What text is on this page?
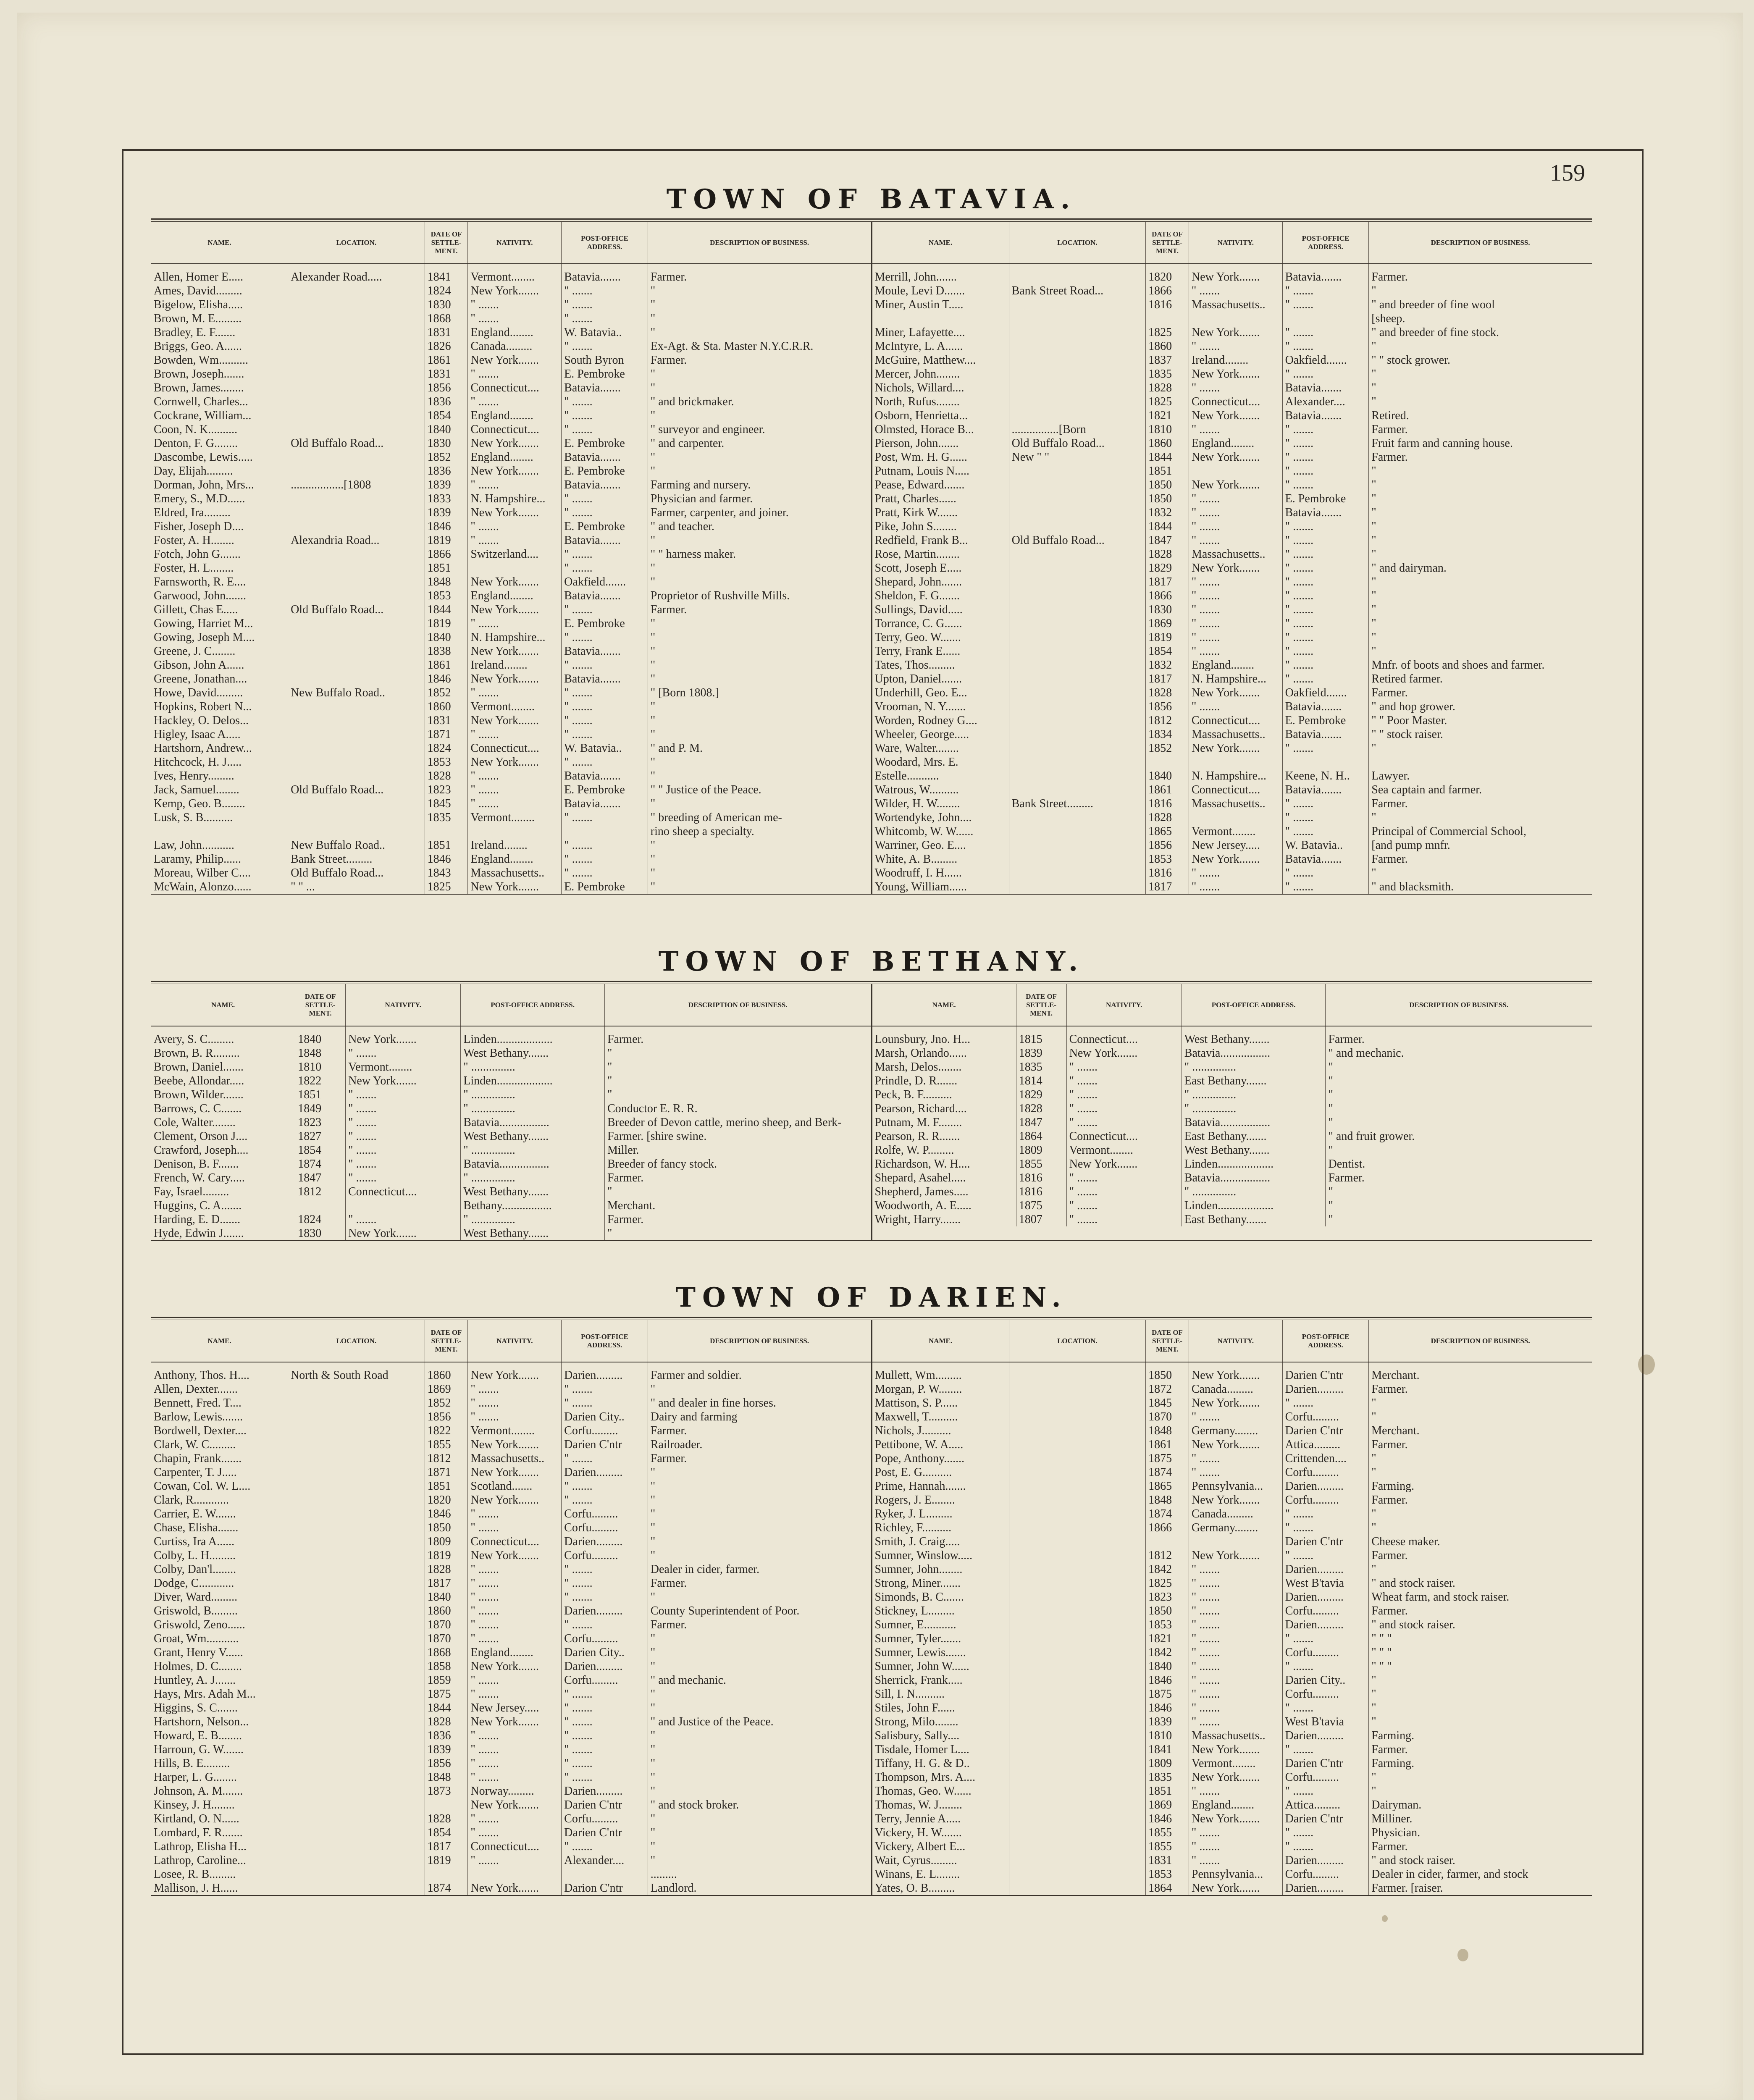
159
TOWN OF BATAVIA.
NAME.	LOCATION.	DATE OF SETTLE-MENT.	NATIVITY.	POST-OFFICE ADDRESS.	DESCRIPTION OF BUSINESS.
Allen, Homer E.....	Alexander Road.....	1841	Vermont........	Batavia.......	Farmer.
Ames, David.........		1824	New York.......	" .......	"
Bigelow, Elisha.....		1830	" .......	" .......	"
Brown, M. E.........		1868	" .......	" .......	"
Bradley, E. F.......		1831	England........	W. Batavia..	"
Briggs, Geo. A......		1826	Canada.........	" .......	Ex-Agt. & Sta. Master N.Y.C.R.R.
Bowden, Wm..........		1861	New York.......	South Byron	Farmer.
Brown, Joseph.......		1831	" .......	E. Pembroke	"
Brown, James........		1856	Connecticut....	Batavia.......	"
Cornwell, Charles...		1836	" .......	" .......	" and brickmaker.
Cockrane, William...		1854	England........	" .......	"
Coon, N. K..........		1840	Connecticut....	" .......	" surveyor and engineer.
Denton, F. G........	Old Buffalo Road...	1830	New York.......	E. Pembroke	" and carpenter.
Dascombe, Lewis.....		1852	England........	Batavia.......	"
Day, Elijah.........		1836	New York.......	E. Pembroke	"
Dorman, John, Mrs...	..................[1808	1839	" .......	Batavia.......	Farming and nursery.
Emery, S., M.D......		1833	N. Hampshire...	" .......	Physician and farmer.
Eldred, Ira.........		1839	New York.......	" .......	Farmer, carpenter, and joiner.
Fisher, Joseph D....		1846	" .......	E. Pembroke	" and teacher.
Foster, A. H........	Alexandria Road...	1819	" .......	Batavia.......	"
Fotch, John G.......		1866	Switzerland....	" .......	" " harness maker.
Foster, H. L........		1851		" .......	"
Farnsworth, R. E....		1848	New York.......	Oakfield.......	"
Garwood, John.......		1853	England........	Batavia.......	Proprietor of Rushville Mills.
Gillett, Chas E.....	Old Buffalo Road...	1844	New York.......	" .......	Farmer.
Gowing, Harriet M...		1819	" .......	E. Pembroke	"
Gowing, Joseph M....		1840	N. Hampshire...	" .......	"
Greene, J. C........		1838	New York.......	Batavia.......	"
Gibson, John A......		1861	Ireland........	" .......	"
Greene, Jonathan....		1846	New York.......	Batavia.......	"
Howe, David.........	New Buffalo Road..	1852	" .......	" .......	" [Born 1808.]
Hopkins, Robert N...		1860	Vermont........	" .......	"
Hackley, O. Delos...		1831	New York.......	" .......	"
Higley, Isaac A.....		1871	" .......	" .......	"
Hartshorn, Andrew...		1824	Connecticut....	W. Batavia..	" and P. M.
Hitchcock, H. J.....		1853	New York.......	" .......	"
Ives, Henry.........		1828	" .......	Batavia.......	"
Jack, Samuel........	Old Buffalo Road...	1823	" .......	E. Pembroke	" " Justice of the Peace.
Kemp, Geo. B........		1845	" .......	Batavia.......	"
Lusk, S. B..........		1835	Vermont........	" .......	" breeding of American me-
					rino sheep a specialty.
Law, John...........	New Buffalo Road..	1851	Ireland........	" .......	"
Laramy, Philip......	Bank Street.........	1846	England........	" .......	"
Moreau, Wilber C....	Old Buffalo Road...	1843	Massachusetts..	" .......	"
McWain, Alonzo......	" " ...	1825	New York.......	E. Pembroke	"
NAME.	LOCATION.	DATE OF SETTLE-MENT.	NATIVITY.	POST-OFFICE ADDRESS.	DESCRIPTION OF BUSINESS.
Merrill, John.......		1820	New York.......	Batavia.......	Farmer.
Moule, Levi D.......	Bank Street Road...	1866	" .......	" .......	"
Miner, Austin T.....		1816	Massachusetts..	" .......	" and breeder of fine wool
					[sheep.
Miner, Lafayette....		1825	New York.......	" .......	" and breeder of fine stock.
McIntyre, L. A......		1860	" .......	" .......	"
McGuire, Matthew....		1837	Ireland........	Oakfield.......	" " stock grower.
Mercer, John........		1835	New York.......	" .......	"
Nichols, Willard....		1828	" .......	Batavia.......	"
North, Rufus........		1825	Connecticut....	Alexander....	"
Osborn, Henrietta...		1821	New York.......	Batavia.......	Retired.
Olmsted, Horace B...	................[Born	1810	" .......	" .......	Farmer.
Pierson, John.......	Old Buffalo Road...	1860	England........	" .......	Fruit farm and canning house.
Post, Wm. H. G......	New " "	1844	New York.......	" .......	Farmer.
Putnam, Louis N.....		1851		" .......	"
Pease, Edward.......		1850	New York.......	" .......	"
Pratt, Charles......		1850	" .......	E. Pembroke	"
Pratt, Kirk W.......		1832	" .......	Batavia.......	"
Pike, John S........		1844	" .......	" .......	"
Redfield, Frank B...	Old Buffalo Road...	1847	" .......	" .......	"
Rose, Martin........		1828	Massachusetts..	" .......	"
Scott, Joseph E.....		1829	New York.......	" .......	" and dairyman.
Shepard, John.......		1817	" .......	" .......	"
Sheldon, F. G.......		1866	" .......	" .......	"
Sullings, David.....		1830	" .......	" .......	"
Torrance, C. G......		1869	" .......	" .......	"
Terry, Geo. W.......		1819	" .......	" .......	"
Terry, Frank E......		1854	" .......	" .......	"
Tates, Thos.........		1832	England........	" .......	Mnfr. of boots and shoes and farmer.
Upton, Daniel.......		1817	N. Hampshire...	" .......	Retired farmer.
Underhill, Geo. E...		1828	New York.......	Oakfield.......	Farmer.
Vrooman, N. Y.......		1856	" .......	Batavia.......	" and hop grower.
Worden, Rodney G....		1812	Connecticut....	E. Pembroke	" " Poor Master.
Wheeler, George.....		1834	Massachusetts..	Batavia.......	" " stock raiser.
Ware, Walter........		1852	New York.......	" .......	"
Woodard, Mrs. E.					
Estelle...........		1840	N. Hampshire...	Keene, N. H..	Lawyer.
Watrous, W..........		1861	Connecticut....	Batavia.......	Sea captain and farmer.
Wilder, H. W........	Bank Street.........	1816	Massachusetts..	" .......	Farmer.
Wortendyke, John....		1828		" .......	"
Whitcomb, W. W......		1865	Vermont........	" .......	Principal of Commercial School,
Warriner, Geo. E....		1856	New Jersey.....	W. Batavia..	[and pump mnfr.
White, A. B.........		1853	New York.......	Batavia.......	Farmer.
Woodruff, I. H......		1816	" .......	" .......	"
Young, William......		1817	" .......	" .......	" and blacksmith.
TOWN OF BETHANY.
NAME.	DATE OF SETTLE-MENT.	NATIVITY.	POST-OFFICE ADDRESS.	DESCRIPTION OF BUSINESS.
Avery, S. C.........	1840	New York.......	Linden...................	Farmer.
Brown, B. R.........	1848	" .......	West Bethany.......	"
Brown, Daniel.......	1810	Vermont........	" ...............	"
Beebe, Allondar.....	1822	New York.......	Linden...................	"
Brown, Wilder.......	1851	" .......	" ...............	"
Barrows, C. C.......	1849	" .......	" ...............	Conductor E. R. R.
Cole, Walter........	1823	" .......	Batavia.................	Breeder of Devon cattle, merino sheep, and Berk-
Clement, Orson J....	1827	" .......	West Bethany.......	Farmer. [shire swine.
Crawford, Joseph....	1854	" .......	" ...............	Miller.
Denison, B. F.......	1874	" .......	Batavia.................	Breeder of fancy stock.
French, W. Cary.....	1847	" .......	" ...............	Farmer.
Fay, Israel.........	1812	Connecticut....	West Bethany.......	"
Huggins, C. A.......			Bethany.................	Merchant.
Harding, E. D.......	1824	" .......	" ...............	Farmer.
Hyde, Edwin J.......	1830	New York.......	West Bethany.......	"
NAME.	DATE OF SETTLE-MENT.	NATIVITY.	POST-OFFICE ADDRESS.	DESCRIPTION OF BUSINESS.
Lounsbury, Jno. H...	1815	Connecticut....	West Bethany.......	Farmer.
Marsh, Orlando......	1839	New York.......	Batavia.................	" and mechanic.
Marsh, Delos........	1835	" .......	" ...............	"
Prindle, D. R.......	1814	" .......	East Bethany.......	"
Peck, B. F..........	1829	" .......	" ...............	"
Pearson, Richard....	1828	" .......	" ...............	"
Putnam, M. F........	1847	" .......	Batavia.................	"
Pearson, R. R.......	1864	Connecticut....	East Bethany.......	" and fruit grower.
Rolfe, W. P.........	1809	Vermont........	West Bethany.......	"
Richardson, W. H....	1855	New York.......	Linden...................	Dentist.
Shepard, Asahel.....	1816	" .......	Batavia.................	Farmer.
Shepherd, James.....	1816	" .......	" ...............	"
Woodworth, A. E.....	1875	" .......	Linden...................	"
Wright, Harry.......	1807	" .......	East Bethany.......	"
TOWN OF DARIEN.
NAME.	LOCATION.	DATE OF SETTLE-MENT.	NATIVITY.	POST-OFFICE ADDRESS.	DESCRIPTION OF BUSINESS.
Anthony, Thos. H....	North & South Road	1860	New York.......	Darien.........	Farmer and soldier.
Allen, Dexter.......		1869	" .......	" .......	"
Bennett, Fred. T....		1852	" .......	" .......	" and dealer in fine horses.
Barlow, Lewis.......		1856	" .......	Darien City..	Dairy and farming
Bordwell, Dexter....		1822	Vermont........	Corfu.........	Farmer.
Clark, W. C.........		1855	New York.......	Darien C'ntr	Railroader.
Chapin, Frank.......		1812	Massachusetts..	" .......	Farmer.
Carpenter, T. J.....		1871	New York.......	Darien.........	"
Cowan, Col. W. L....		1851	Scotland.......	" .......	"
Clark, R............		1820	New York.......	" .......	"
Carrier, E. W.......		1846	" .......	Corfu.........	"
Chase, Elisha.......		1850	" .......	Corfu.........	"
Curtiss, Ira A......		1809	Connecticut....	Darien.........	"
Colby, L. H.........		1819	New York.......	Corfu.........	"
Colby, Dan'l........		1828	" .......	" .......	Dealer in cider, farmer.
Dodge, C............		1817	" .......	" .......	Farmer.
Diver, Ward.........		1840	" .......	" .......	"
Griswold, B.........		1860	" .......	Darien.........	County Superintendent of Poor.
Griswold, Zeno......		1870	" .......	" .......	Farmer.
Groat, Wm...........		1870	" .......	Corfu.........	"
Grant, Henry V......		1868	England........	Darien City..	"
Holmes, D. C........		1858	New York.......	Darien.........	"
Huntley, A. J.......		1859	" .......	Corfu.........	" and mechanic.
Hays, Mrs. Adah M...		1875	" .......	" .......	"
Higgins, S. C.......		1844	New Jersey.....	" .......	"
Hartshorn, Nelson...		1828	New York.......	" .......	" and Justice of the Peace.
Howard, E. B........		1836	" .......	" .......	"
Harroun, G. W.......		1839	" .......	" .......	"
Hills, B. E.........		1856	" .......	" .......	"
Harper, L. G........		1848	" .......	" .......	"
Johnson, A. M.......		1873	Norway.........	Darien.........	"
Kinsey, J. H........			New York.......	Darien C'ntr	" and stock broker.
Kirtland, O. N......		1828	" .......	Corfu.........	"
Lombard, F. R.......		1854	" .......	Darien C'ntr	"
Lathrop, Elisha H...		1817	Connecticut....	" .......	"
Lathrop, Caroline...		1819	" .......	Alexander....	"
Losee, R. B.........					.........
Mallison, J. H......		1874	New York.......	Darion C'ntr	Landlord.
NAME.	LOCATION.	DATE OF SETTLE-MENT.	NATIVITY.	POST-OFFICE ADDRESS.	DESCRIPTION OF BUSINESS.
Mullett, Wm.........		1850	New York.......	Darien C'ntr	Merchant.
Morgan, P. W........		1872	Canada.........	Darien.........	Farmer.
Mattison, S. P......		1845	New York.......	" .......	"
Maxwell, T..........		1870	" .......	Corfu.........	"
Nichols, J..........		1848	Germany........	Darien C'ntr	Merchant.
Pettibone, W. A.....		1861	New York.......	Attica.........	Farmer.
Pope, Anthony.......		1875	" .......	Crittenden....	"
Post, E. G..........		1874	" .......	Corfu.........	"
Prime, Hannah.......		1865	Pennsylvania...	Darien.........	Farming.
Rogers, J. E........		1848	New York.......	Corfu.........	Farmer.
Ryker, J. L.........		1874	Canada.........	" .......	"
Richley, F..........		1866	Germany........	" .......	"
Smith, J. Craig.....				Darien C'ntr	Cheese maker.
Sumner, Winslow.....		1812	New York.......	" .......	Farmer.
Sumner, John........		1842	" .......	Darien.........	"
Strong, Miner.......		1825	" .......	West B'tavia	" and stock raiser.
Simonds, B. C.......		1823	" .......	Darien.........	Wheat farm, and stock raiser.
Stickney, L.........		1850	" .......	Corfu.........	Farmer.
Sumner, E...........		1853	" .......	Darien.........	" and stock raiser.
Sumner, Tyler.......		1821	" .......	" .......	" " "
Sumner, Lewis.......		1842	" .......	Corfu.........	" " "
Sumner, John W......		1840	" .......	" .......	" " "
Sherrick, Frank.....		1846	" .......	Darien City..	"
Sill, I. N..........		1875	" .......	Corfu.........	"
Stiles, John F......		1846	" .......	" .......	"
Strong, Milo........		1839	" .......	West B'tavia	"
Salisbury, Sally....		1810	Massachusetts..	Darien.........	Farming.
Tisdale, Homer L....		1841	New York.......	" .......	Farmer.
Tiffany, H. G. & D..		1809	Vermont........	Darien C'ntr	Farming.
Thompson, Mrs. A....		1835	New York.......	Corfu.........	"
Thomas, Geo. W......		1851	" .......	" .......	"
Thomas, W. J........		1869	England........	Attica.........	Dairyman.
Terry, Jennie A.....		1846	New York.......	Darien C'ntr	Milliner.
Vickery, H. W.......		1855	" .......	" .......	Physician.
Vickery, Albert E...		1855	" .......	" .......	Farmer.
Wait, Cyrus.........		1831	" .......	Darien.........	" and stock raiser.
Winans, E. L........		1853	Pennsylvania...	Corfu.........	Dealer in cider, farmer, and stock
Yates, O. B.........		1864	New York.......	Darien.........	Farmer. [raiser.
